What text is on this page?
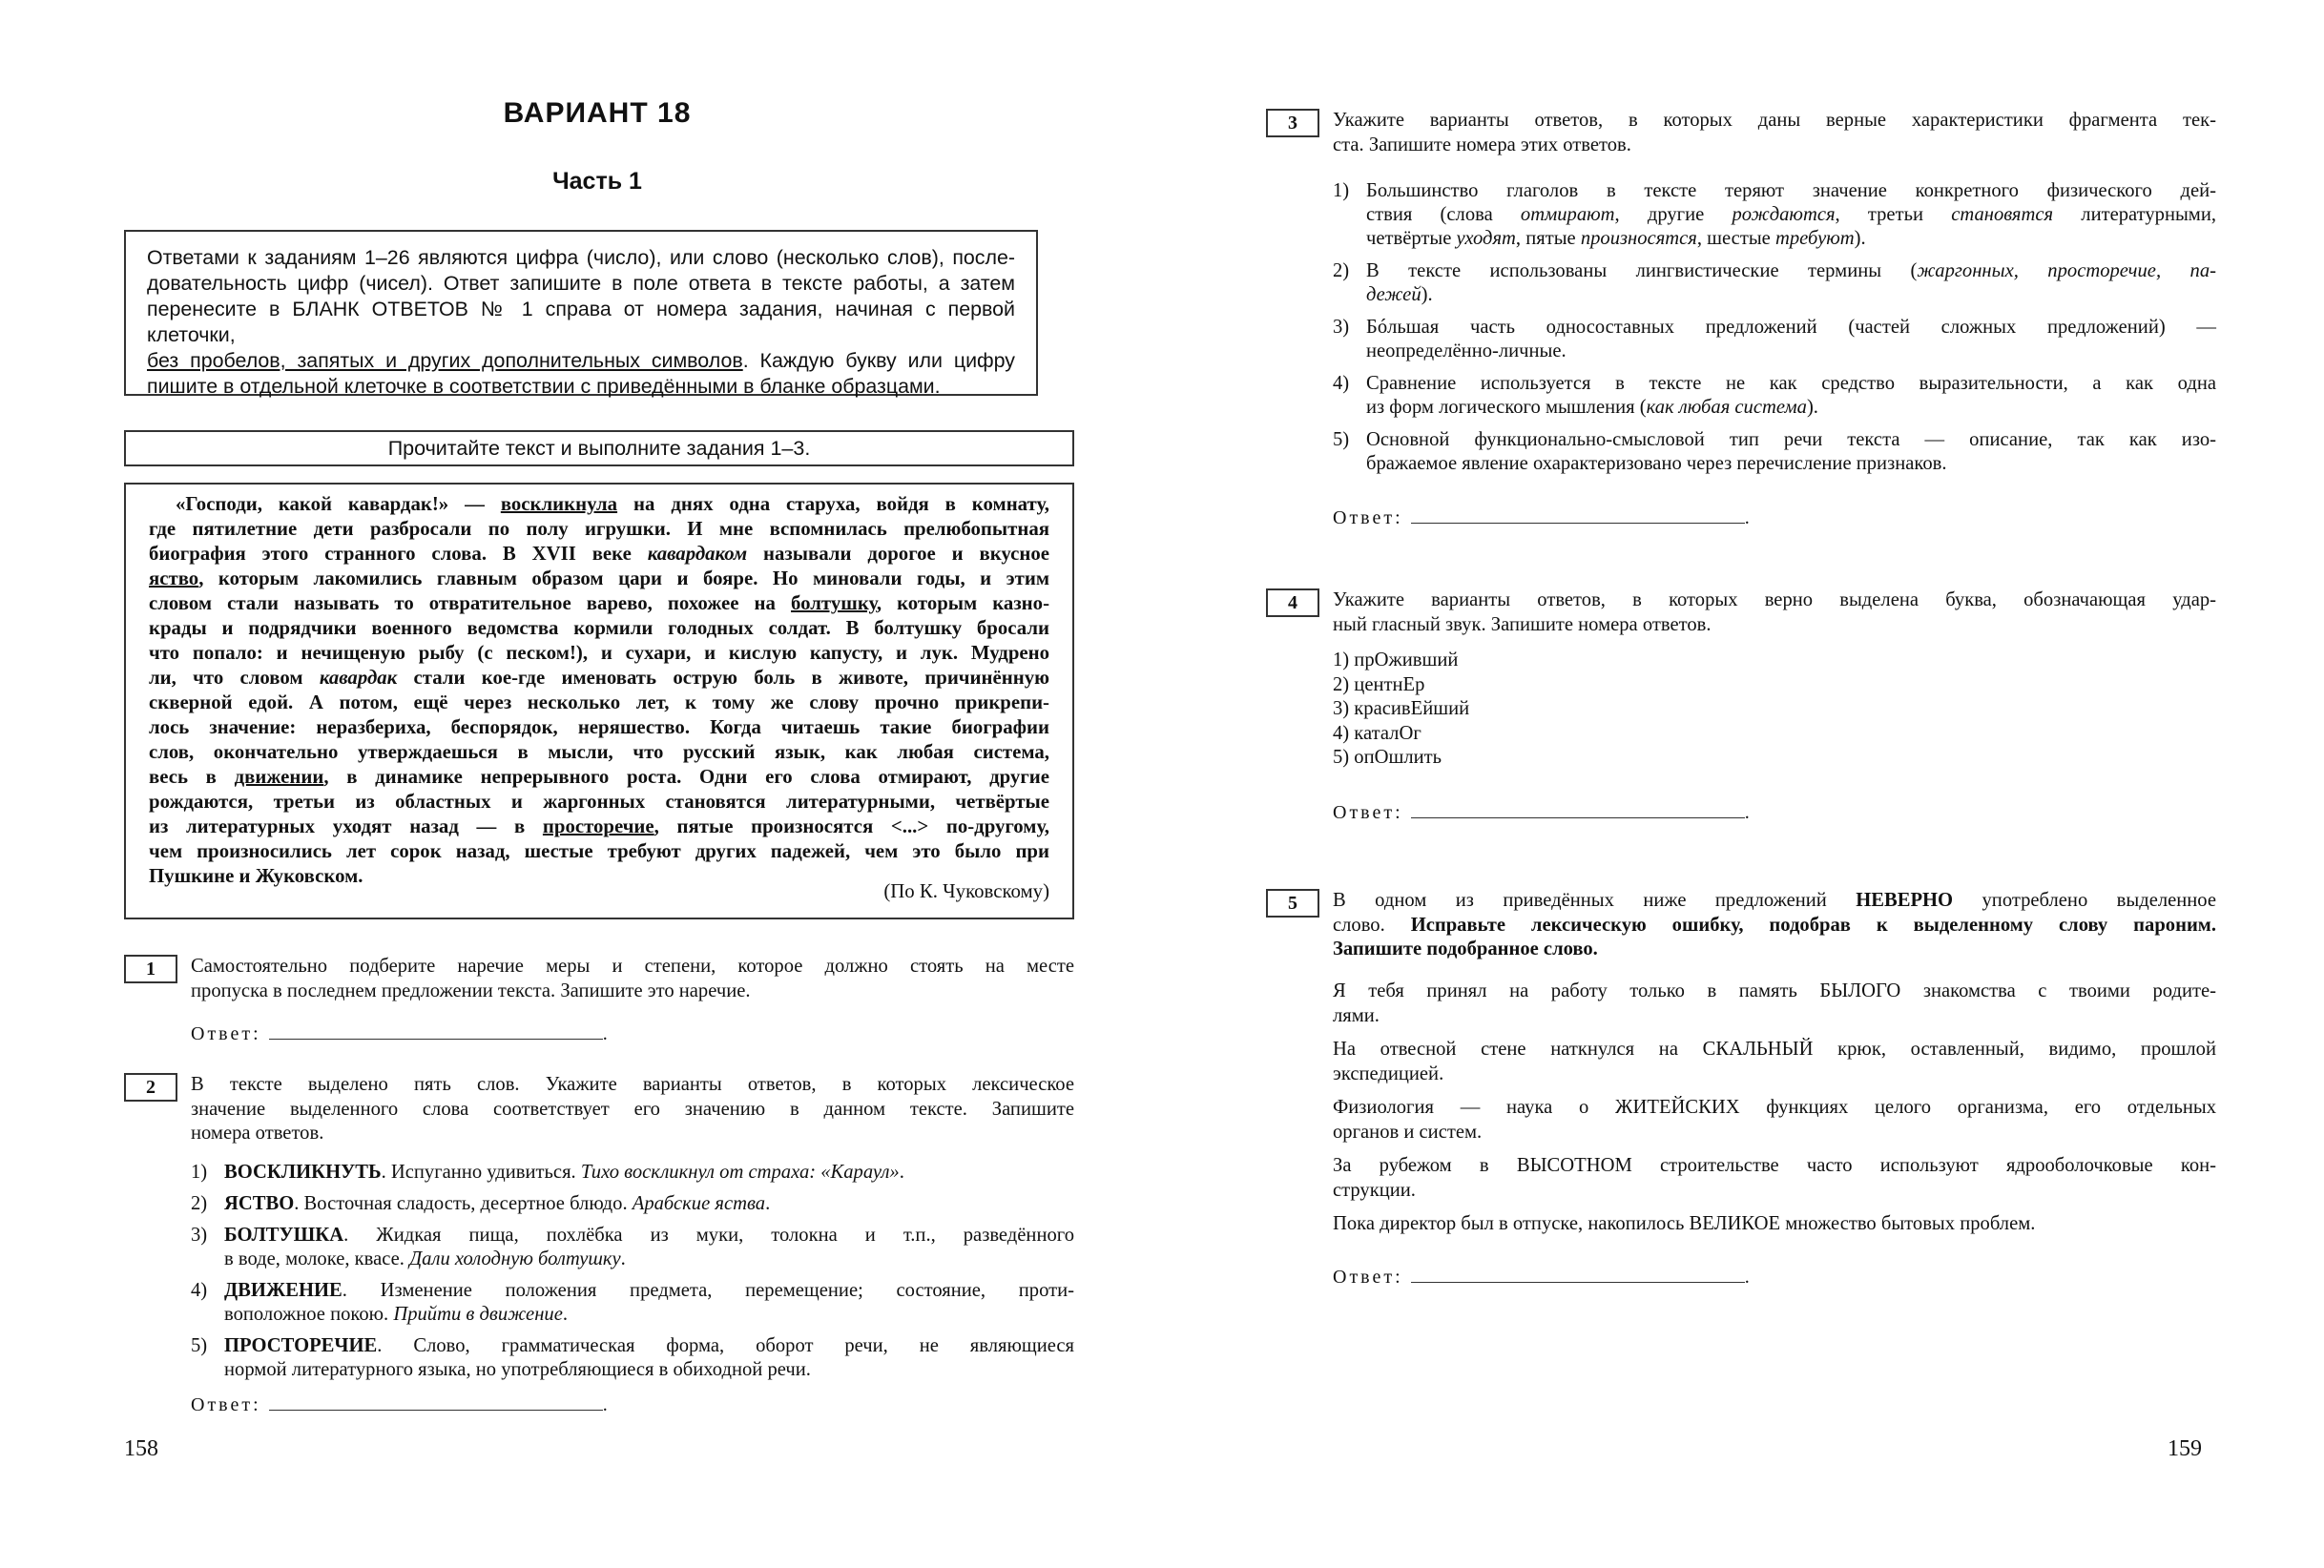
ВАРИАНТ 18
Часть 1
Ответами к заданиям 1–26 являются цифра (число), или слово (несколько слов), после-
довательность цифр (чисел). Ответ запишите в поле ответа в тексте работы, а затем
перенесите в БЛАНК ОТВЕТОВ № 1 справа от номера задания, начиная с первой клеточки,
без пробелов, запятых и других дополнительных символов. Каждую букву или цифру
пишите в отдельной клеточке в соответствии с приведёнными в бланке образцами.
Прочитайте текст и выполните задания 1–3.
«Господи, какой кавардак!» — воскликнула на днях одна старуха, войдя в комнату,
где пятилетние дети разбросали по полу игрушки. И мне вспомнилась прелюбопытная
биография этого странного слова. В XVII веке кавардаком называли дорогое и вкусное
яство, которым лакомились главным образом цари и бояре. Но миновали годы, и этим
словом стали называть то отвратительное варево, похожее на болтушку, которым казно-
крады и подрядчики военного ведомства кормили голодных солдат. В болтушку бросали
что попало: и нечищеную рыбу (с песком!), и сухари, и кислую капусту, и лук. Мудрено
ли, что словом кавардак стали кое-где именовать острую боль в животе, причинённую
скверной едой. А потом, ещё через несколько лет, к тому же слову прочно прикрепи-
лось значение: неразбериха, беспорядок, неряшество. Когда читаешь такие биографии
слов, окончательно утверждаешься в мысли, что русский язык, как любая система,
весь в движении, в динамике непрерывного роста. Одни его слова отмирают, другие
рождаются, третьи из областных и жаргонных становятся литературными, четвёртые
из литературных уходят назад — в просторечие, пятые произносятся <...> по-другому,
чем произносились лет сорок назад, шестые требуют других падежей, чем это было при
Пушкине и Жуковском.
(По К. Чуковскому)
1	Самостоятельно подберите наречие меры и степени, которое должно стоять на месте
пропуска в последнем предложении текста. Запишите это наречие.
Ответ:	.
2	В тексте выделено пять слов. Укажите варианты ответов, в которых лексическое
значение выделенного слова соответствует его значению в данном тексте. Запишите
номера ответов.
1) ВОСКЛИКНУТЬ. Испуганно удивиться. Тихо воскликнул от страха: «Караул».
2) ЯСТВО. Восточная сладость, десертное блюдо. Арабские яства.
3) БОЛТУШКА. Жидкая пища, похлёбка из муки, толокна и т.п., разведённого
в воде, молоке, квасе. Дали холодную болтушку.
4) ДВИЖЕНИЕ. Изменение положения предмета, перемещение; состояние, проти-
воположное покою. Прийти в движение.
5) ПРОСТОРЕЧИЕ. Слово, грамматическая форма, оборот речи, не являющиеся
нормой литературного языка, но употребляющиеся в обиходной речи.
Ответ:	.
158
3	Укажите варианты ответов, в которых даны верные характеристики фрагмента тек-
ста. Запишите номера этих ответов.
1) Большинство глаголов в тексте теряют значение конкретного физического дей-
ствия (слова отмирают, другие рождаются, третьи становятся литературными,
четвёртые уходят, пятые произносятся, шестые требуют).
2) В тексте использованы лингвистические термины (жаргонных, просторечие, па-
дежей).
3) Бóльшая часть односоставных предложений (частей сложных предложений) —
неопределённо-личные.
4) Сравнение используется в тексте не как средство выразительности, а как одна
из форм логического мышления (как любая система).
5) Основной функционально-смысловой тип речи текста — описание, так как изо-
бражаемое явление охарактеризовано через перечисление признаков.
Ответ:	.
4	Укажите варианты ответов, в которых верно выделена буква, обозначающая удар-
ный гласный звук. Запишите номера ответов.
1) прОживший
2) центнЕр
3) красивЕйший
4) каталОг
5) опОшлить
Ответ:	.
5	В одном из приведённых ниже предложений НЕВЕРНО употреблено выделенное
слово. Исправьте лексическую ошибку, подобрав к выделенному слову пароним.
Запишите подобранное слово.
Я тебя принял на работу только в память БЫЛОГО знакомства с твоими родите-
лями.
На отвесной стене наткнулся на СКАЛЬНЫЙ крюк, оставленный, видимо, прошлой
экспедицией.
Физиология — наука о ЖИТЕЙСКИХ функциях целого организма, его отдельных
органов и систем.
За рубежом в ВЫСОТНОМ строительстве часто используют ядрооболочковые кон-
струкции.
Пока директор был в отпуске, накопилось ВЕЛИКОЕ множество бытовых проблем.
Ответ:	.
159
